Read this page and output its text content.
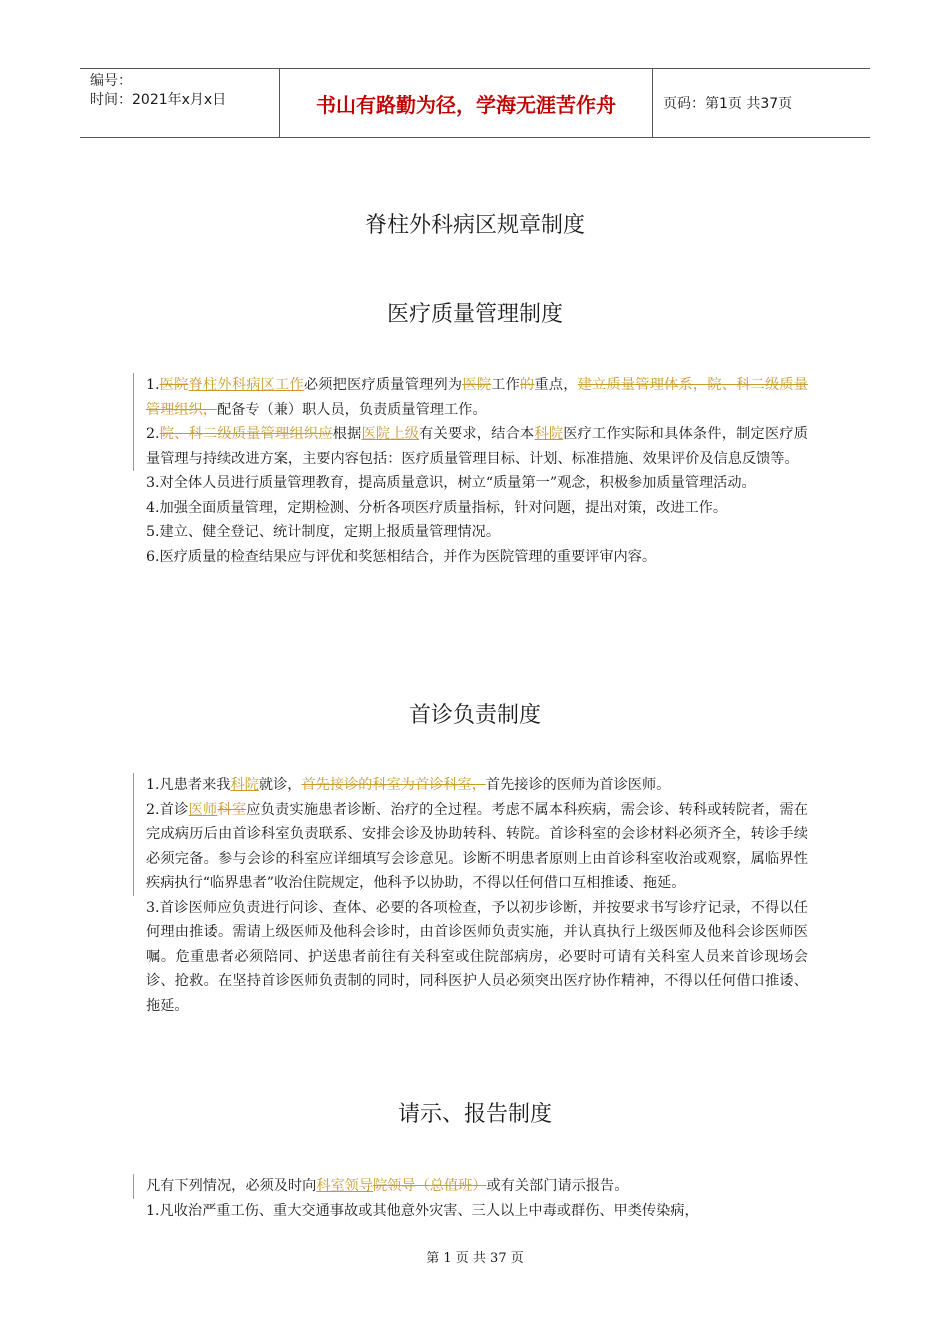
编号：
时间：2021年x月x日	书山有路勤为径，学海无涯苦作舟	页码：第1页 共37页
脊柱外科病区规章制度
医疗质量管理制度

1.医院脊柱外科病区工作必须把医疗质量管理列为医院工作的重点，建立质量管理体系，院、科二级质量管理组织，配备专（兼）职人员，负责质量管理工作。

2.院、科二级质量管理组织应根据医院上级有关要求，结合本科院医疗工作实际和具体条件，制定医疗质量管理与持续改进方案，主要内容包括：医疗质量管理目标、计划、标准措施、效果评价及信息反馈等。

3.对全体人员进行质量管理教育，提高质量意识，树立“质量第一”观念，积极参加质量管理活动。

4.加强全面质量管理，定期检测、分析各项医疗质量指标，针对问题，提出对策，改进工作。

5.建立、健全登记、统计制度，定期上报质量管理情况。

6.医疗质量的检查结果应与评优和奖惩相结合，并作为医院管理的重要评审内容。

首诊负责制度

1.凡患者来我科院就诊，首先接诊的科室为首诊科室，首先接诊的医师为首诊医师。

2.首诊医师科室应负责实施患者诊断、治疗的全过程。考虑不属本科疾病，需会诊、转科或转院者，需在完成病历后由首诊科室负责联系、安排会诊及协助转科、转院。首诊科室的会诊材料必须齐全，转诊手续必须完备。参与会诊的科室应详细填写会诊意见。诊断不明患者原则上由首诊科室收治或观察，属临界性疾病执行“临界患者”收治住院规定，他科予以协助，不得以任何借口互相推诿、拖延。

3.首诊医师应负责进行问诊、查体、必要的各项检查，予以初步诊断，并按要求书写诊疗记录，不得以任何理由推诿。需请上级医师及他科会诊时，由首诊医师负责实施，并认真执行上级医师及他科会诊医师医嘱。危重患者必须陪同、护送患者前往有关科室或住院部病房，必要时可请有关科室人员来首诊现场会诊、抢救。在坚持首诊医师负责制的同时，同科医护人员必须突出医疗协作精神，不得以任何借口推诿、拖延。

请示、报告制度

凡有下列情况，必须及时向科室领导院领导（总值班）或有关部门请示报告。

1.凡收治严重工伤、重大交通事故或其他意外灾害、三人以上中毒或群伤、甲类传染病，

第 1 页 共 37 页
